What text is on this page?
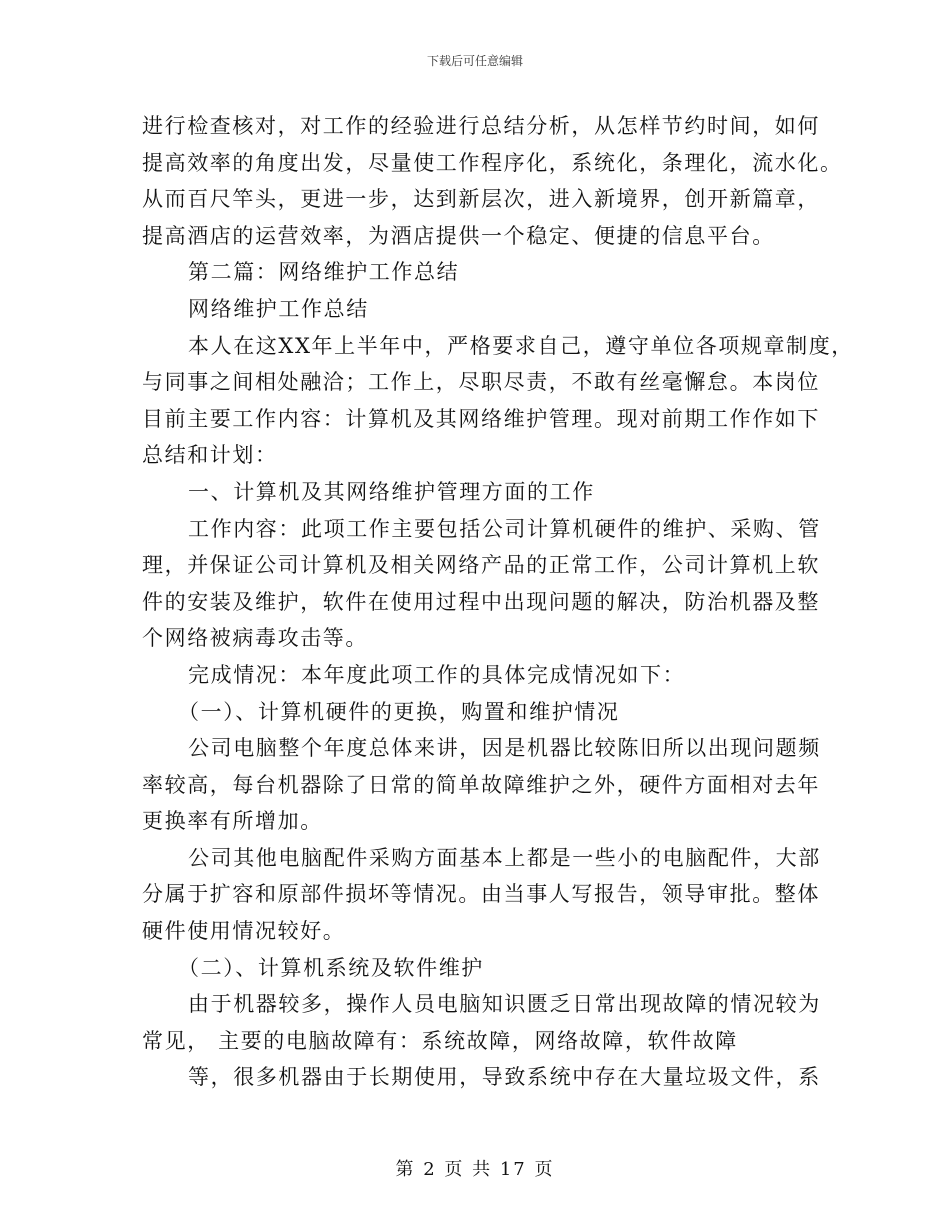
下载后可任意编辑
进行检查核对，对工作的经验进行总结分析，从怎样节约时间，如何
提高效率的角度出发，尽量使工作程序化，系统化，条理化，流水化。
从而百尺竿头，更进一步，达到新层次，进入新境界，创开新篇章，
提高酒店的运营效率，为酒店提供一个稳定、便捷的信息平台。
第二篇：网络维护工作总结
网络维护工作总结
本人在这XX年上半年中，严格要求自己，遵守单位各项规章制度，
与同事之间相处融洽；工作上，尽职尽责，不敢有丝毫懈怠。本岗位
目前主要工作内容：计算机及其网络维护管理。现对前期工作作如下
总结和计划：
一、计算机及其网络维护管理方面的工作
工作内容：此项工作主要包括公司计算机硬件的维护、采购、管
理，并保证公司计算机及相关网络产品的正常工作，公司计算机上软
件的安装及维护，软件在使用过程中出现问题的解决，防治机器及整
个网络被病毒攻击等。
完成情况：本年度此项工作的具体完成情况如下：
（一）、计算机硬件的更换，购置和维护情况
公司电脑整个年度总体来讲，因是机器比较陈旧所以出现问题频
率较高，每台机器除了日常的简单故障维护之外，硬件方面相对去年
更换率有所增加。
公司其他电脑配件采购方面基本上都是一些小的电脑配件，大部
分属于扩容和原部件损坏等情况。由当事人写报告，领导审批。整体
硬件使用情况较好。
（二）、计算机系统及软件维护
由于机器较多，操作人员电脑知识匮乏日常出现故障的情况较为
常见， 主要的电脑故障有：系统故障，网络故障，软件故障
等，很多机器由于长期使用，导致系统中存在大量垃圾文件，系
第 2 页 共 17 页
